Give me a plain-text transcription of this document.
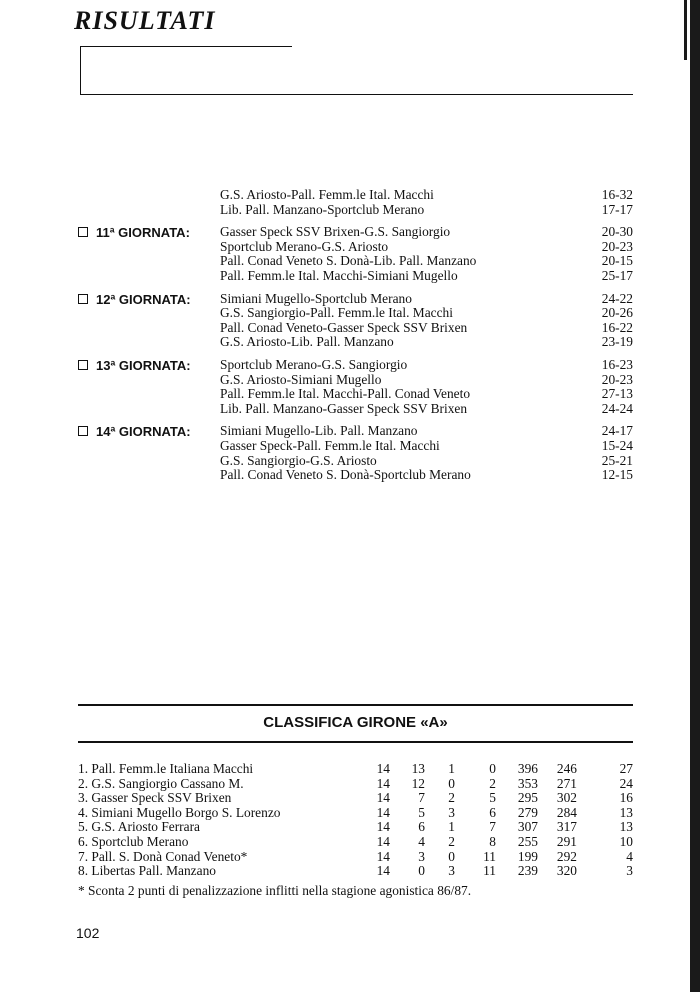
RISULTATI
G.S. Ariosto-Pall. Femm.le Ital. Macchi	16-32
Lib. Pall. Manzano-Sportclub Merano	17-17
11ª GIORNATA:	Gasser Speck SSV Brixen-G.S. Sangiorgio	20-30
Sportclub Merano-G.S. Ariosto	20-23
Pall. Conad Veneto S. Donà-Lib. Pall. Manzano	20-15
Pall. Femm.le Ital. Macchi-Simiani Mugello	25-17
12ª GIORNATA:	Simiani Mugello-Sportclub Merano	24-22
G.S. Sangiorgio-Pall. Femm.le Ital. Macchi	20-26
Pall. Conad Veneto-Gasser Speck SSV Brixen	16-22
G.S. Ariosto-Lib. Pall. Manzano	23-19
13ª GIORNATA:	Sportclub Merano-G.S. Sangiorgio	16-23
G.S. Ariosto-Simiani Mugello	20-23
Pall. Femm.le Ital. Macchi-Pall. Conad Veneto	27-13
Lib. Pall. Manzano-Gasser Speck SSV Brixen	24-24
14ª GIORNATA:	Simiani Mugello-Lib. Pall. Manzano	24-17
Gasser Speck-Pall. Femm.le Ital. Macchi	15-24
G.S. Sangiorgio-G.S. Ariosto	25-21
Pall. Conad Veneto S. Donà-Sportclub Merano	12-15
CLASSIFICA GIRONE «A»
1. Pall. Femm.le Italiana Macchi	14	13	1	0	396	246	27
2. G.S. Sangiorgio Cassano M.	14	12	0	2	353	271	24
3. Gasser Speck SSV Brixen	14	7	2	5	295	302	16
4. Simiani Mugello Borgo S. Lorenzo	14	5	3	6	279	284	13
5. G.S. Ariosto Ferrara	14	6	1	7	307	317	13
6. Sportclub Merano	14	4	2	8	255	291	10
7. Pall. S. Donà Conad Veneto*	14	3	0	11	199	292	4
8. Libertas Pall. Manzano	14	0	3	11	239	320	3
* Sconta 2 punti di penalizzazione inflitti nella stagione agonistica 86/87.
102
